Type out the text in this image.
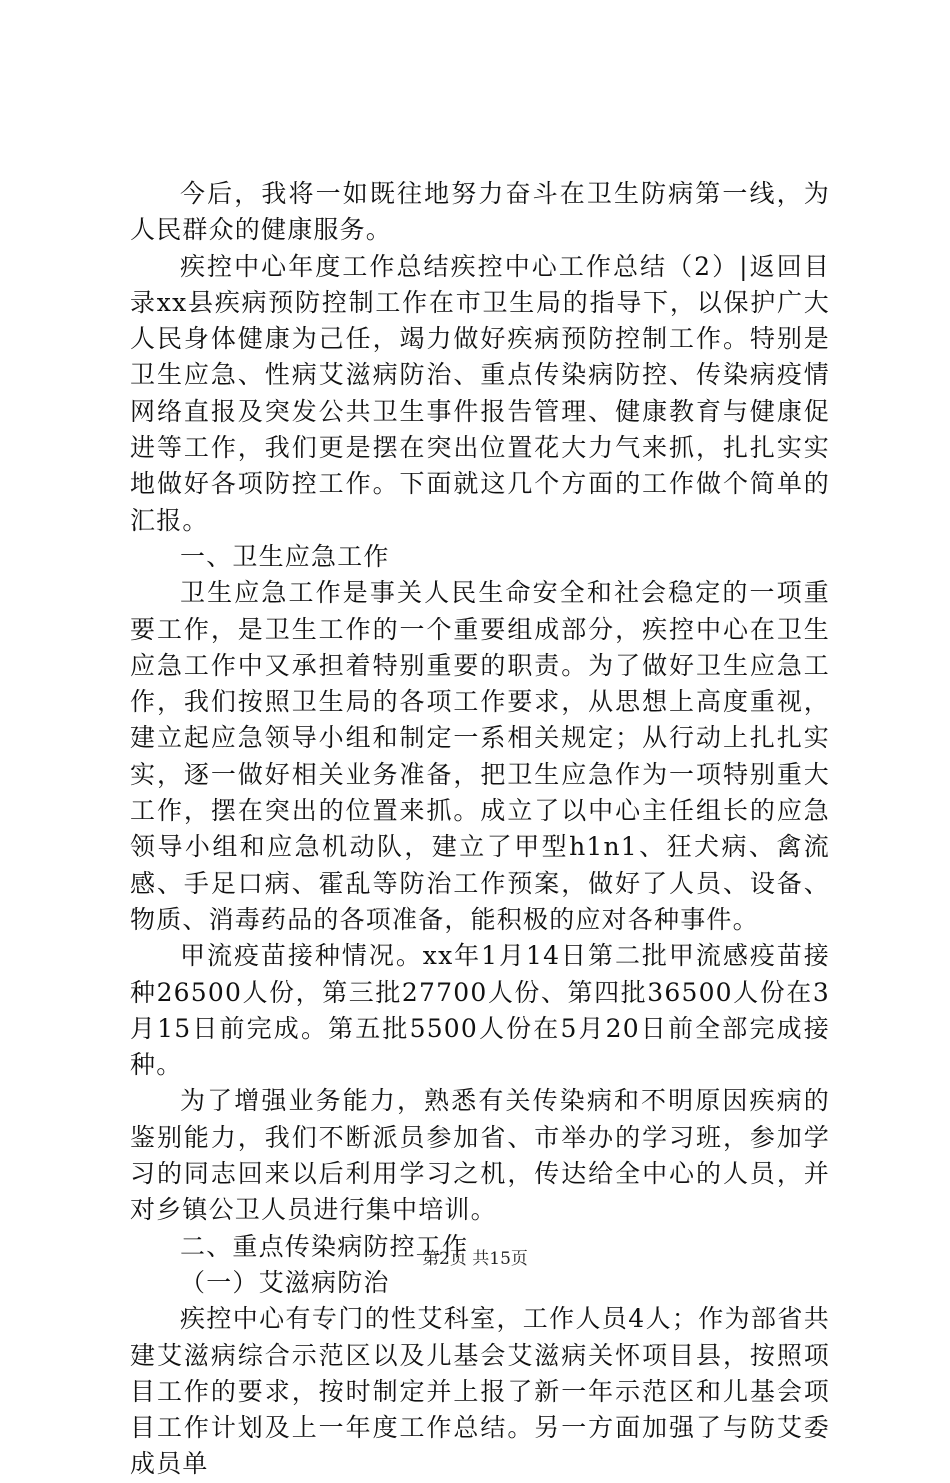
今后，我将一如既往地努力奋斗在卫生防病第一线，为人民群众的健康服务。

疾控中心年度工作总结疾控中心工作总结（2）|返回目录xx县疾病预防控制工作在市卫生局的指导下，以保护广大人民身体健康为己任，竭力做好疾病预防控制工作。特别是卫生应急、性病艾滋病防治、重点传染病防控、传染病疫情网络直报及突发公共卫生事件报告管理、健康教育与健康促进等工作，我们更是摆在突出位置花大力气来抓，扎扎实实地做好各项防控工作。下面就这几个方面的工作做个简单的汇报。

一、卫生应急工作

卫生应急工作是事关人民生命安全和社会稳定的一项重要工作，是卫生工作的一个重要组成部分，疾控中心在卫生应急工作中又承担着特别重要的职责。为了做好卫生应急工作，我们按照卫生局的各项工作要求，从思想上高度重视，建立起应急领导小组和制定一系相关规定；从行动上扎扎实实，逐一做好相关业务准备，把卫生应急作为一项特别重大工作，摆在突出的位置来抓。成立了以中心主任组长的应急领导小组和应急机动队，建立了甲型h1n1、狂犬病、禽流感、手足口病、霍乱等防治工作预案，做好了人员、设备、物质、消毒药品的各项准备，能积极的应对各种事件。

甲流疫苗接种情况。xx年1月14日第二批甲流感疫苗接种26500人份，第三批27700人份、第四批36500人份在3月15日前完成。第五批5500人份在5月20日前全部完成接种。

为了增强业务能力，熟悉有关传染病和不明原因疾病的鉴别能力，我们不断派员参加省、市举办的学习班，参加学习的同志回来以后利用学习之机，传达给全中心的人员，并对乡镇公卫人员进行集中培训。

二、重点传染病防控工作

（一）艾滋病防治

疾控中心有专门的性艾科室，工作人员4人；作为部省共建艾滋病综合示范区以及儿基会艾滋病关怀项目县，按照项目工作的要求，按时制定并上报了新一年示范区和儿基会项目工作计划及上一年度工作总结。另一方面加强了与防艾委成员单

第2页 共15页
